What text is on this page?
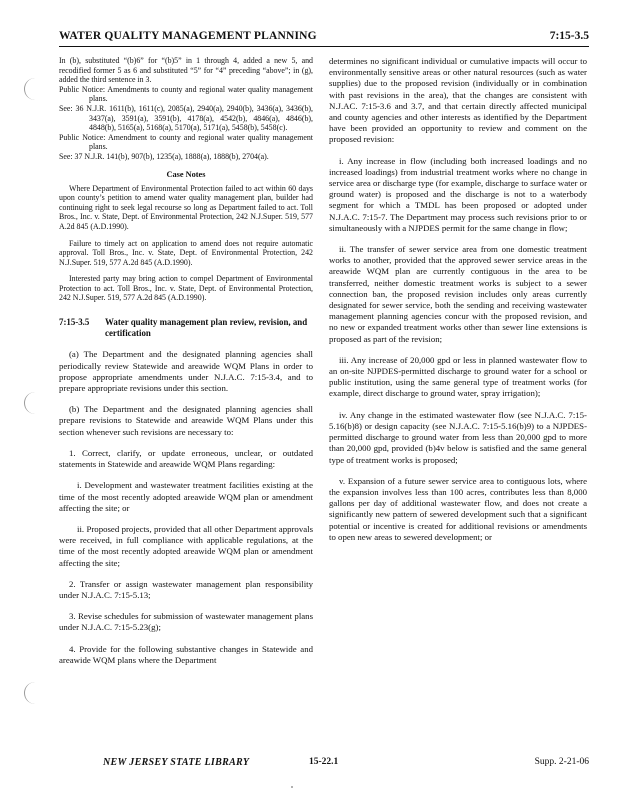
WATER QUALITY MANAGEMENT PLANNING	7:15-3.5

In (b), substituted “(b)6” for “(b)5” in 1 through 4, added a new 5, and recodified former 5 as 6 and substituted “5” for “4” preceding “above”; in (g), added the third sentence in 3.

Public Notice: Amendments to county and regional water quality management plans.

See: 36 N.J.R. 1611(b), 1611(c), 2085(a), 2940(a), 2940(b), 3436(a), 3436(b), 3437(a), 3591(a), 3591(b), 4178(a), 4542(b), 4846(a), 4846(b), 4848(b), 5165(a), 5168(a), 5170(a), 5171(a), 5458(b), 5458(c).

Public Notice: Amendment to county and regional water quality management plans.

See: 37 N.J.R. 141(b), 907(b), 1235(a), 1888(a), 1888(b), 2704(a).

Case Notes

Where Department of Environmental Protection failed to act within 60 days upon county’s petition to amend water quality management plan, builder had continuing right to seek legal recourse so long as Department failed to act. Toll Bros., Inc. v. State, Dept. of Environmental Protection, 242 N.J.Super. 519, 577 A.2d 845 (A.D.1990).

Failure to timely act on application to amend does not require automatic approval. Toll Bros., Inc. v. State, Dept. of Environmental Protection, 242 N.J.Super. 519, 577 A.2d 845 (A.D.1990).

Interested party may bring action to compel Department of Environmental Protection to act. Toll Bros., Inc. v. State, Dept. of Environmental Protection, 242 N.J.Super. 519, 577 A.2d 845 (A.D.1990).

7:15-3.5	Water quality management plan review, revision, and certification

(a) The Department and the designated planning agencies shall periodically review Statewide and areawide WQM Plans in order to propose appropriate amendments under N.J.A.C. 7:15-3.4, and to prepare appropriate revisions under this section.

(b) The Department and the designated planning agencies shall prepare revisions to Statewide and areawide WQM Plans under this section whenever such revisions are necessary to:

1. Correct, clarify, or update erroneous, unclear, or outdated statements in Statewide and areawide WQM Plans regarding:

i. Development and wastewater treatment facilities existing at the time of the most recently adopted areawide WQM plan or amendment affecting the site; or

ii. Proposed projects, provided that all other Department approvals were received, in full compliance with applicable regulations, at the time of the most recently adopted areawide WQM plan or amendment affecting the site;

2. Transfer or assign wastewater management plan responsibility under N.J.A.C. 7:15-5.13;

3. Revise schedules for submission of wastewater management plans under N.J.A.C. 7:15-5.23(g);

4. Provide for the following substantive changes in Statewide and areawide WQM plans where the Department

determines no significant individual or cumulative impacts will occur to environmentally sensitive areas or other natural resources (such as water supplies) due to the proposed revision (individually or in combination with past revisions in the area), that the changes are consistent with N.J.AC. 7:15-3.6 and 3.7, and that certain directly affected municipal and county agencies and other interests as identified by the Department have been provided an opportunity to review and comment on the proposed revision:

i. Any increase in flow (including both increased loadings and no increased loadings) from industrial treatment works where no change in service area or discharge type (for example, discharge to surface water or ground water) is proposed and the discharge is not to a waterbody segment for which a TMDL has been proposed or adopted under N.J.A.C. 7:15-7. The Department may process such revisions prior to or simultaneously with a NJPDES permit for the same change in flow;

ii. The transfer of sewer service area from one domestic treatment works to another, provided that the approved sewer service areas in the areawide WQM plan are currently contiguous in the area to be transferred, neither domestic treatment works is subject to a sewer connection ban, the proposed revision includes only areas currently designated for sewer service, both the sending and receiving wastewater management planning agencies concur with the proposed revision, and no new or expanded treatment works other than sewer line extensions is proposed as part of the revision;

iii. Any increase of 20,000 gpd or less in planned wastewater flow to an on-site NJPDES-permitted discharge to ground water for a school or public institution, using the same general type of treatment works (for example, direct discharge to ground water, spray irrigation);

iv. Any change in the estimated wastewater flow (see N.J.A.C. 7:15-5.16(b)8) or design capacity (see N.J.A.C. 7:15-5.16(b)9) to a NJPDES-permitted discharge to ground water from less than 20,000 gpd to more than 20,000 gpd, provided (b)4v below is satisfied and the same general type of treatment works is proposed;

v. Expansion of a future sewer service area to contiguous lots, where the expansion involves less than 100 acres, contributes less than 8,000 gallons per day of additional wastewater flow, and does not create a significantly new pattern of sewered development such that a significant potential or incentive is created for additional revisions or amendments to open new areas to sewered development; or

NEW JERSEY STATE LIBRARY	15-22.1	Supp. 2-21-06
